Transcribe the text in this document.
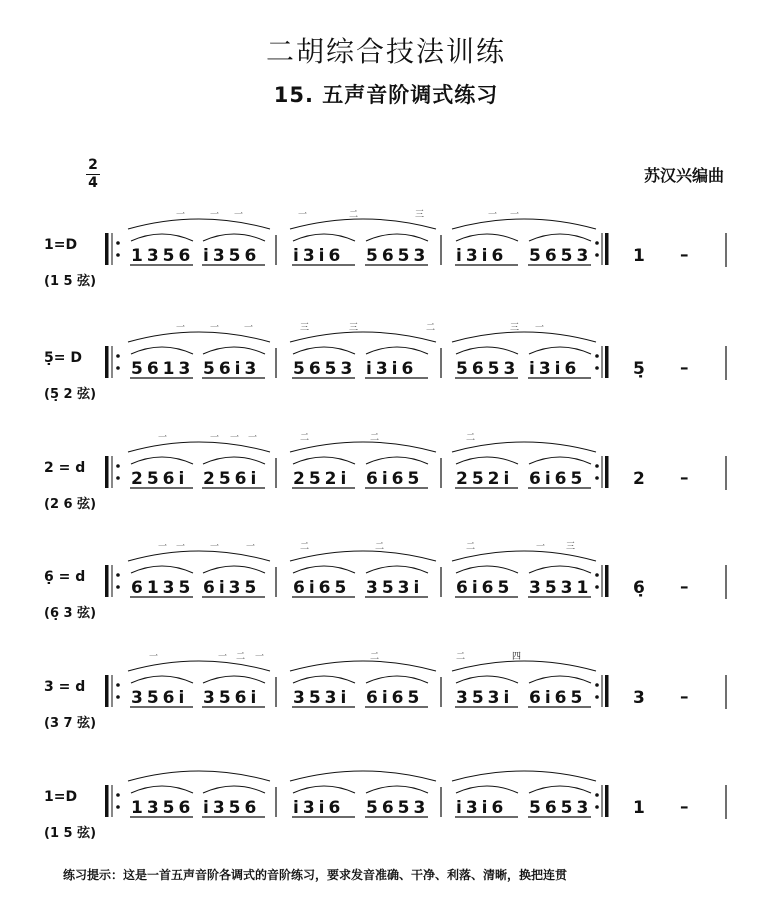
二胡综合技法训练
15. 五声音阶调式练习
苏汉兴编曲
2
4
1=D
(1 5 弦)
1356 i356 i3i6 5653 i3i6 5653
一	一 一	一	二	三	一 一
1 –
5̣= D
(5̣ 2 弦)
5613 56i3 5653 i3i6 5653 i3i6
一	一	一	三	三	二	三 一
5̣ –
2 = d
(2 6 弦)
256i 256i 252i 6i65 252i 6i65
一	一 一 一	二	二	二
2 –
6̣ = d
(6̣ 3 弦)
6135 6i35 6i65 353i 6i65 3531
一 一	一	一	二	二	二	一 三
6̣ –
3 = d
(3 7 弦)
356i 356i 353i 6i65 353i 6i65
一	一 二 一	二	二	四
3 –
1=D
(1 5 弦)
1356 i356 i3i6 5653 i3i6 5653 1 –
练习提示：这是一首五声音阶各调式的音阶练习，要求发音准确、干净、利落、清晰，换把连贯
